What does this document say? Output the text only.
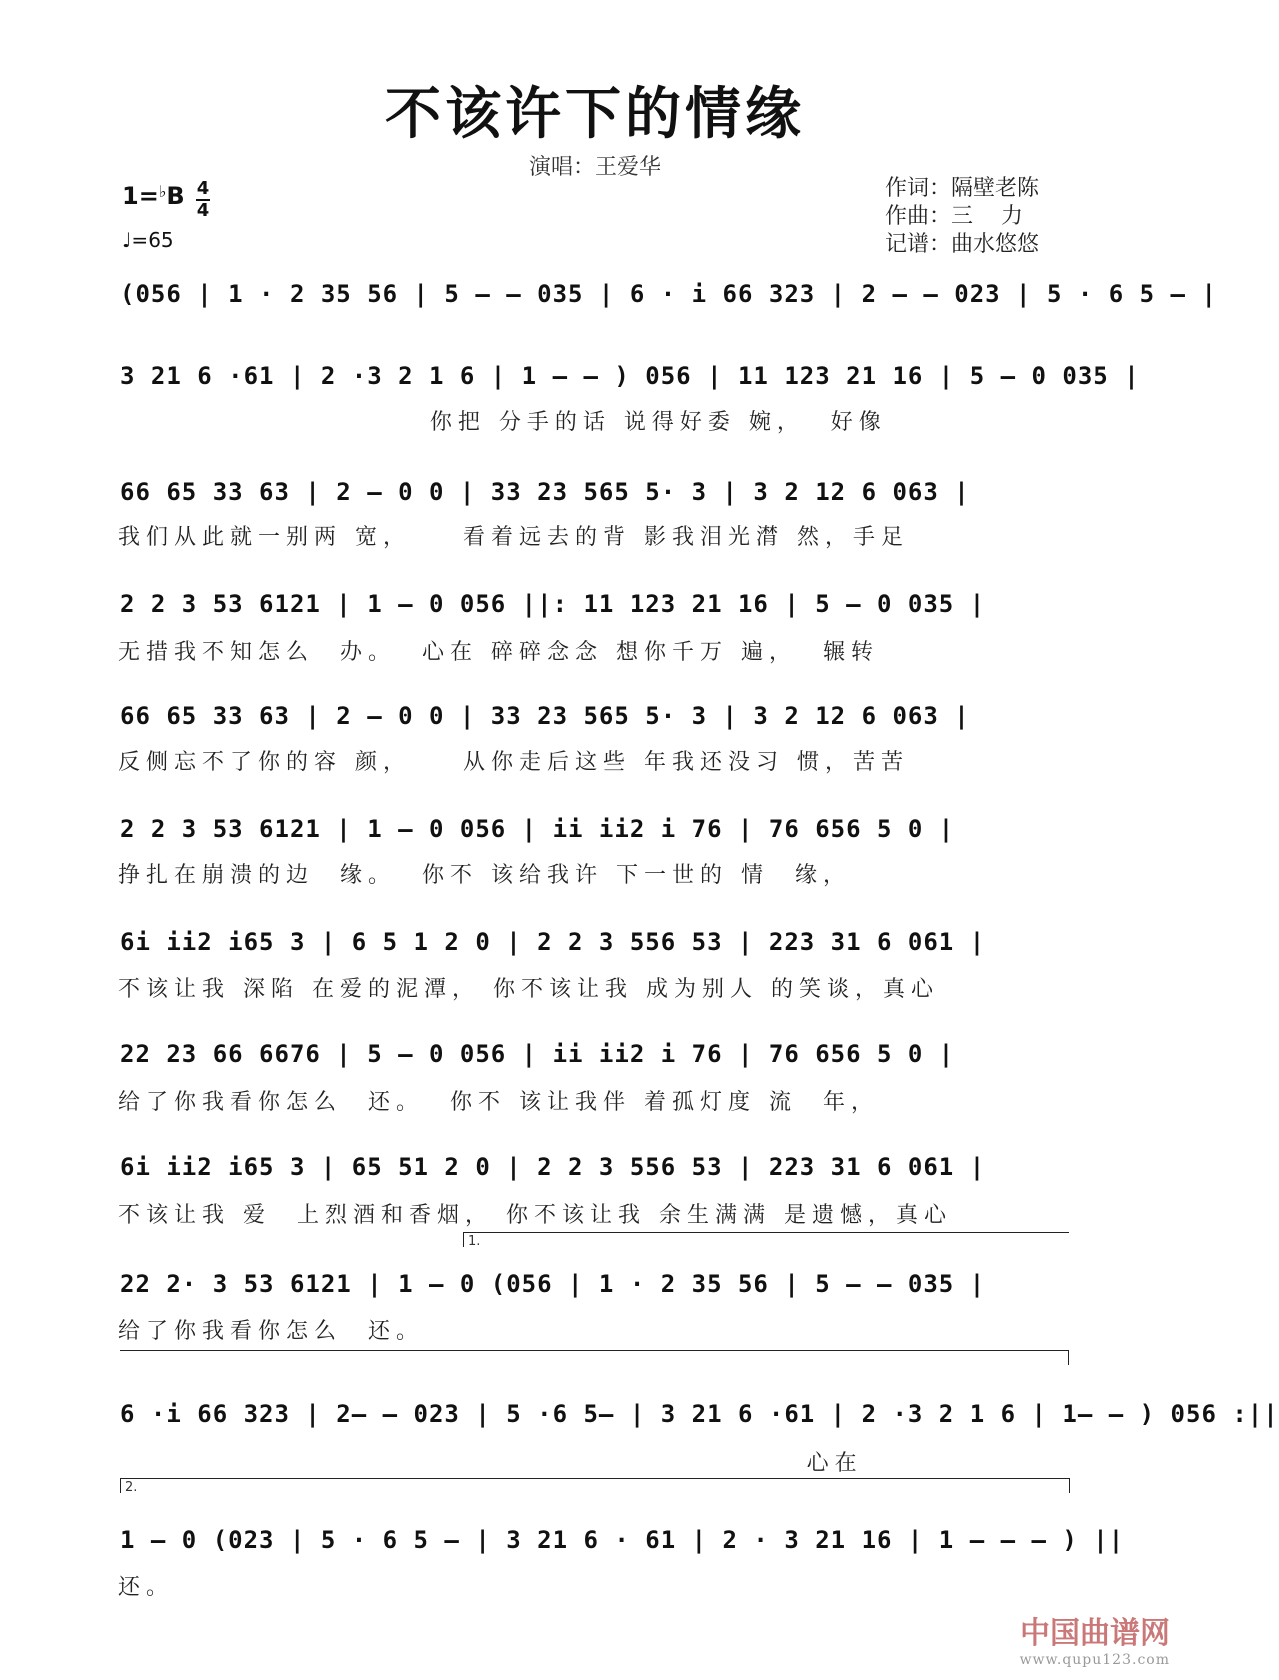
不该许下的情缘
演唱：王爱华
1=♭B 4
4
♩=65
作词：隔壁老陈
作曲：三    力
记谱：曲水悠悠
(056 | 1 · 2 35 56 | 5 – – 035 | 6 · i 66 323 | 2 – – 023 | 5 · 6 5 – |
3 21 6 ·61 | 2 ·3 2 1 6 | 1 – – ) 056 | 11 123 21 16 | 5 – 0 035 |
你把 分手的话 说得好委 婉，  好像
66 65 33 63 | 2 – 0 0 | 33 23 565 5· 3 | 3 2 12 6 063 |
我们从此就一别两 宽，    看着远去的背 影我泪光潸 然，手足
2 2 3 53 6121 | 1 – 0 056 ||: 11 123 21 16 | 5 – 0 035 |
无措我不知怎么  办。  心在 碎碎念念 想你千万 遍，  辗转
66 65 33 63 | 2 – 0 0 | 33 23 565 5· 3 | 3 2 12 6 063 |
反侧忘不了你的容 颜，    从你走后这些 年我还没习 惯，苦苦
2 2 3 53 6121 | 1 – 0 056 | ii ii2 i 76 | 76 656 5 0 |
挣扎在崩溃的边  缘。  你不 该给我许 下一世的 情  缘，
6i ii2 i65 3 | 6 5 1 2 0 | 2 2 3 556 53 | 223 31 6 061 |
不该让我 深陷 在爱的泥潭， 你不该让我 成为别人 的笑谈，真心
22 23 66 6676 | 5 – 0 056 | ii ii2 i 76 | 76 656 5 0 |
给了你我看你怎么  还。  你不 该让我伴 着孤灯度 流  年，
6i ii2 i65 3 | 65 51 2 0 | 2 2 3 556 53 | 223 31 6 061 |
不该让我 爱  上烈酒和香烟， 你不该让我 余生满满 是遗憾，真心
22 2· 3 53 6121 | 1 – 0 (056 | 1 · 2 35 56 | 5 – – 035 |
给了你我看你怎么  还。
6 ·i 66 323 | 2– – 023 | 5 ·6 5– | 3 21 6 ·61 | 2 ·3 2 1 6 | 1– – ) 056 :||
心在
1 – 0 (023 | 5 · 6 5 – | 3 21 6 · 61 | 2 · 3 21 16 | 1 – – – ) ||
还。
1.
2.
中国曲谱网
www.qupu123.com
